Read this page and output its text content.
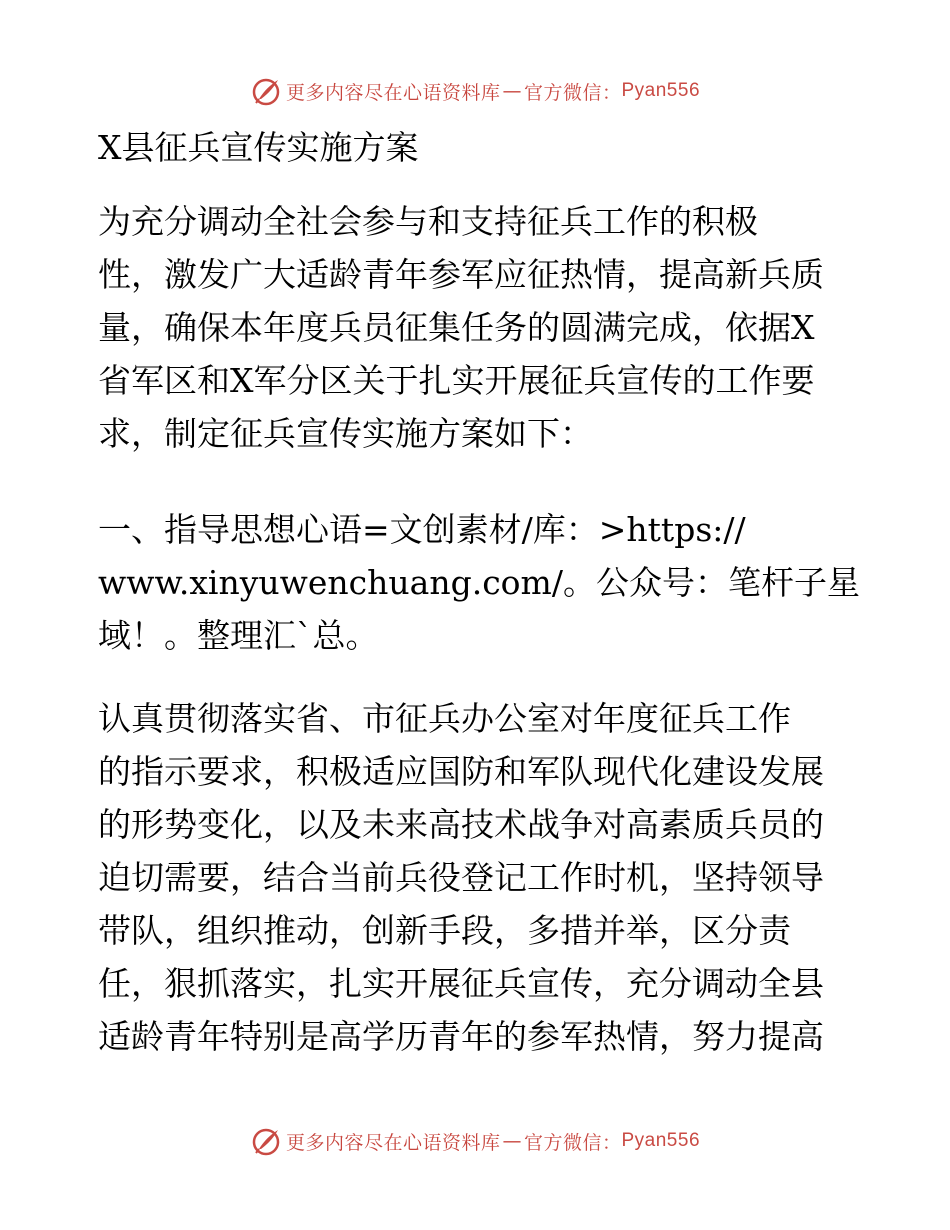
更多内容尽在心语资料库 — 官方微信： Pyan556
X县征兵宣传实施方案
为充分调动全社会参与和支持征兵工作的积极
性，激发广大适龄青年参军应征热情，提高新兵质
量，确保本年度兵员征集任务的圆满完成，依据X
省军区和X军分区关于扎实开展征兵宣传的工作要
求，制定征兵宣传实施方案如下：
一、指导思想心语=文创素材/库：>https://
www.xinyuwenchuang.com/。公众号：笔杆子星
域！。整理汇`总。
认真贯彻落实省、市征兵办公室对年度征兵工作
的指示要求，积极适应国防和军队现代化建设发展
的形势变化，以及未来高技术战争对高素质兵员的
迫切需要，结合当前兵役登记工作时机，坚持领导
带队，组织推动，创新手段，多措并举，区分责
任，狠抓落实，扎实开展征兵宣传，充分调动全县
适龄青年特别是高学历青年的参军热情，努力提高
更多内容尽在心语资料库 — 官方微信： Pyan556
